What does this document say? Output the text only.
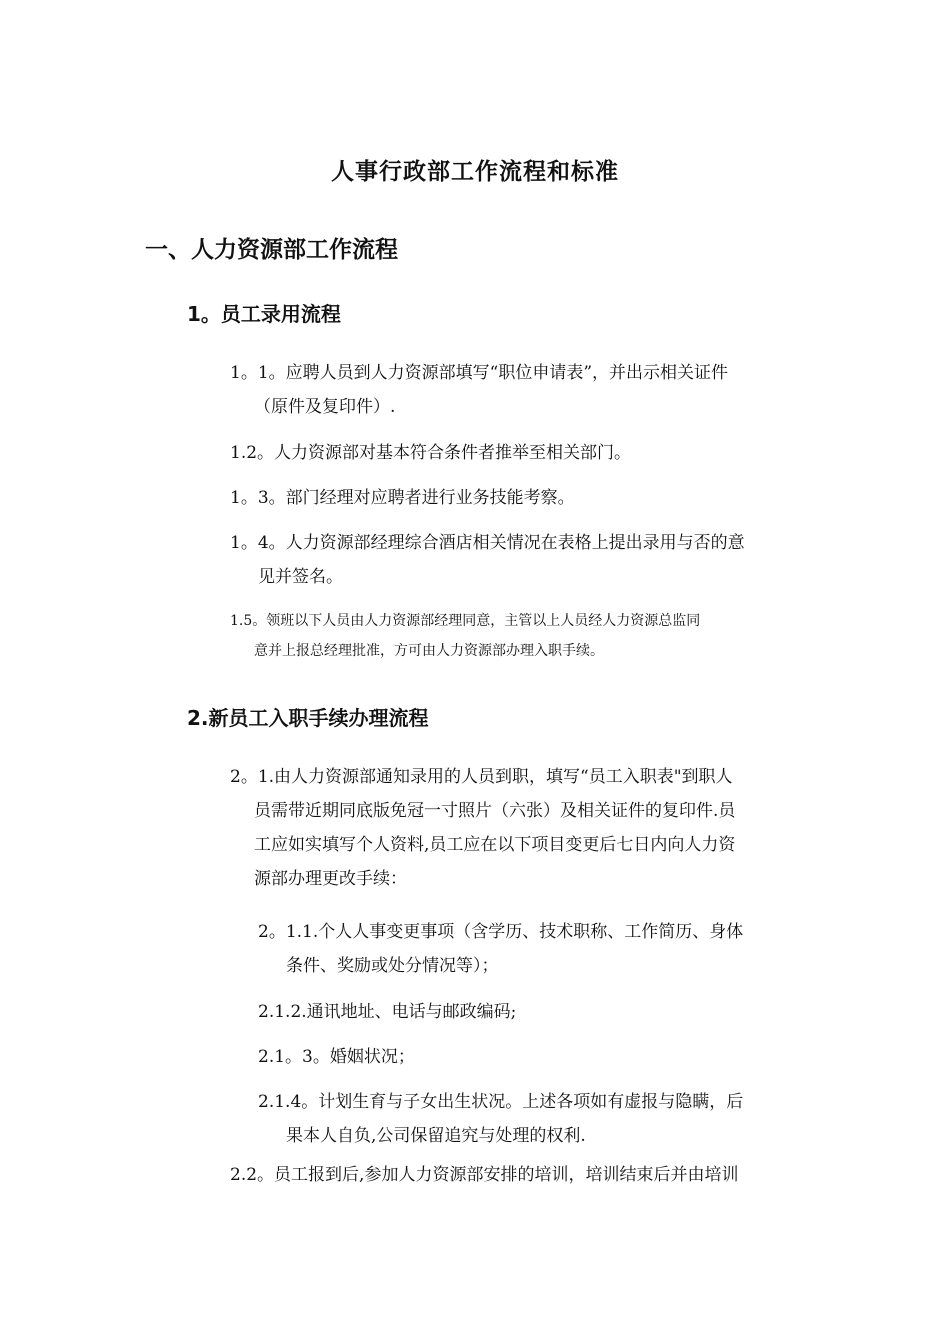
人事行政部工作流程和标准
一、人力资源部工作流程
1。员工录用流程

1。1。应聘人员到人力资源部填写“职位申请表”，并出示相关证件
（原件及复印件）.

1.2。人力资源部对基本符合条件者推举至相关部门。

1。3。部门经理对应聘者进行业务技能考察。

1。4。人力资源部经理综合酒店相关情况在表格上提出录用与否的意
见并签名。

1.5。领班以下人员由人力资源部经理同意，主管以上人员经人力资源总监同
意并上报总经理批准，方可由人力资源部办理入职手续。

2.新员工入职手续办理流程

2。1.由人力资源部通知录用的人员到职，填写“员工入职表"到职人
员需带近期同底版免冠一寸照片（六张）及相关证件的复印件.员
工应如实填写个人资料,员工应在以下项目变更后七日内向人力资
源部办理更改手续：

2。1.1.个人人事变更事项（含学历、技术职称、工作简历、身体
条件、奖励或处分情况等）；

2.1.2.通讯地址、电话与邮政编码;

2.1。3。婚姻状况；

2.1.4。计划生育与子女出生状况。上述各项如有虚报与隐瞒，后
果本人自负,公司保留追究与处理的权利.

2.2。员工报到后,参加人力资源部安排的培训，培训结束后并由培训
